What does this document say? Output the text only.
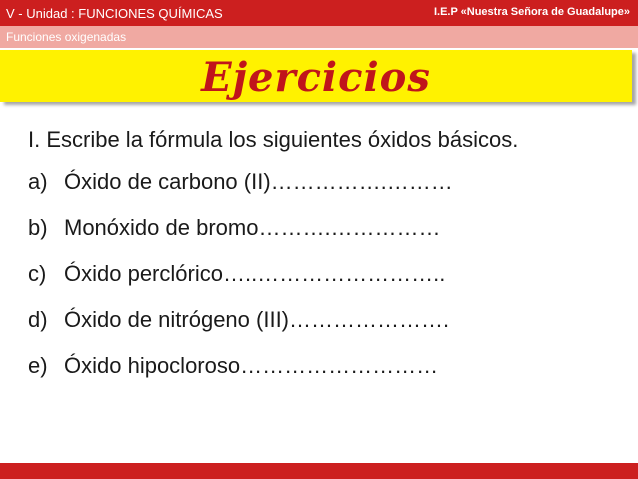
V - Unidad : FUNCIONES QUÍMICAS	I.E.P «Nuestra Señora de Guadalupe»
Funciones oxigenadas
Ejercicios

I. Escribe la fórmula los siguientes óxidos básicos.

a) Óxido de carbono (II)…………….………
b) Monóxido de bromo……….……………
c) Óxido perclórico…..……………………..
d) Óxido de nitrógeno (III)………………….
e) Óxido hipocloroso………………………
